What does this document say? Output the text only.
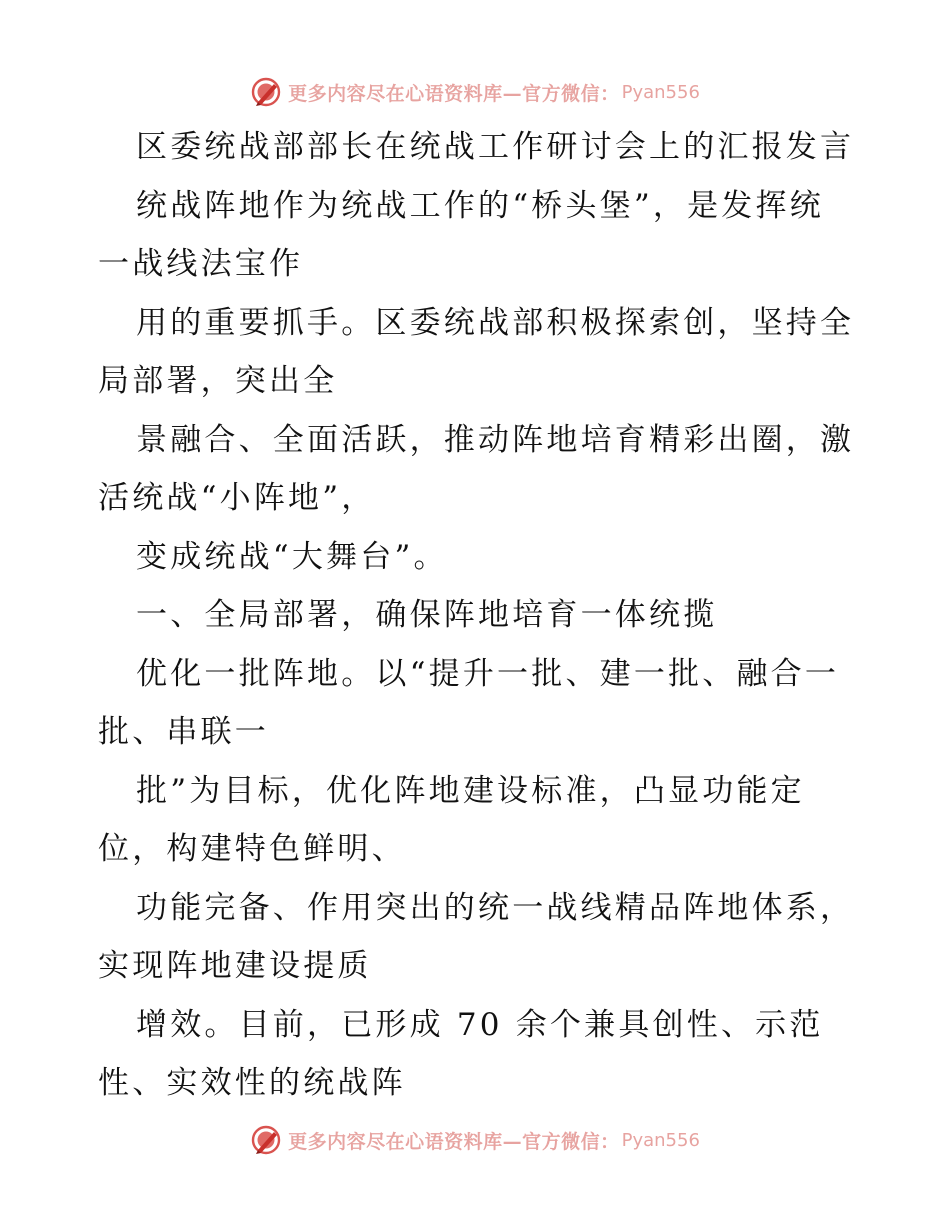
更多内容尽在心语资料库—官方微信： Pyan556
区委统战部部长在统战工作研讨会上的汇报发言
统战阵地作为统战工作的“桥头堡”，是发挥统
一战线法宝作
用的重要抓手。区委统战部积极探索创，坚持全
局部署，突出全
景融合、全面活跃，推动阵地培育精彩出圈，激
活统战“小阵地”，
变成统战“大舞台”。
一、全局部署，确保阵地培育一体统揽
优化一批阵地。以“提升一批、建一批、融合一
批、串联一
批”为目标，优化阵地建设标准，凸显功能定
位，构建特色鲜明、
功能完备、作用突出的统一战线精品阵地体系，
实现阵地建设提质
增效。目前，已形成 70 余个兼具创性、示范
性、实效性的统战阵
更多内容尽在心语资料库—官方微信： Pyan556
